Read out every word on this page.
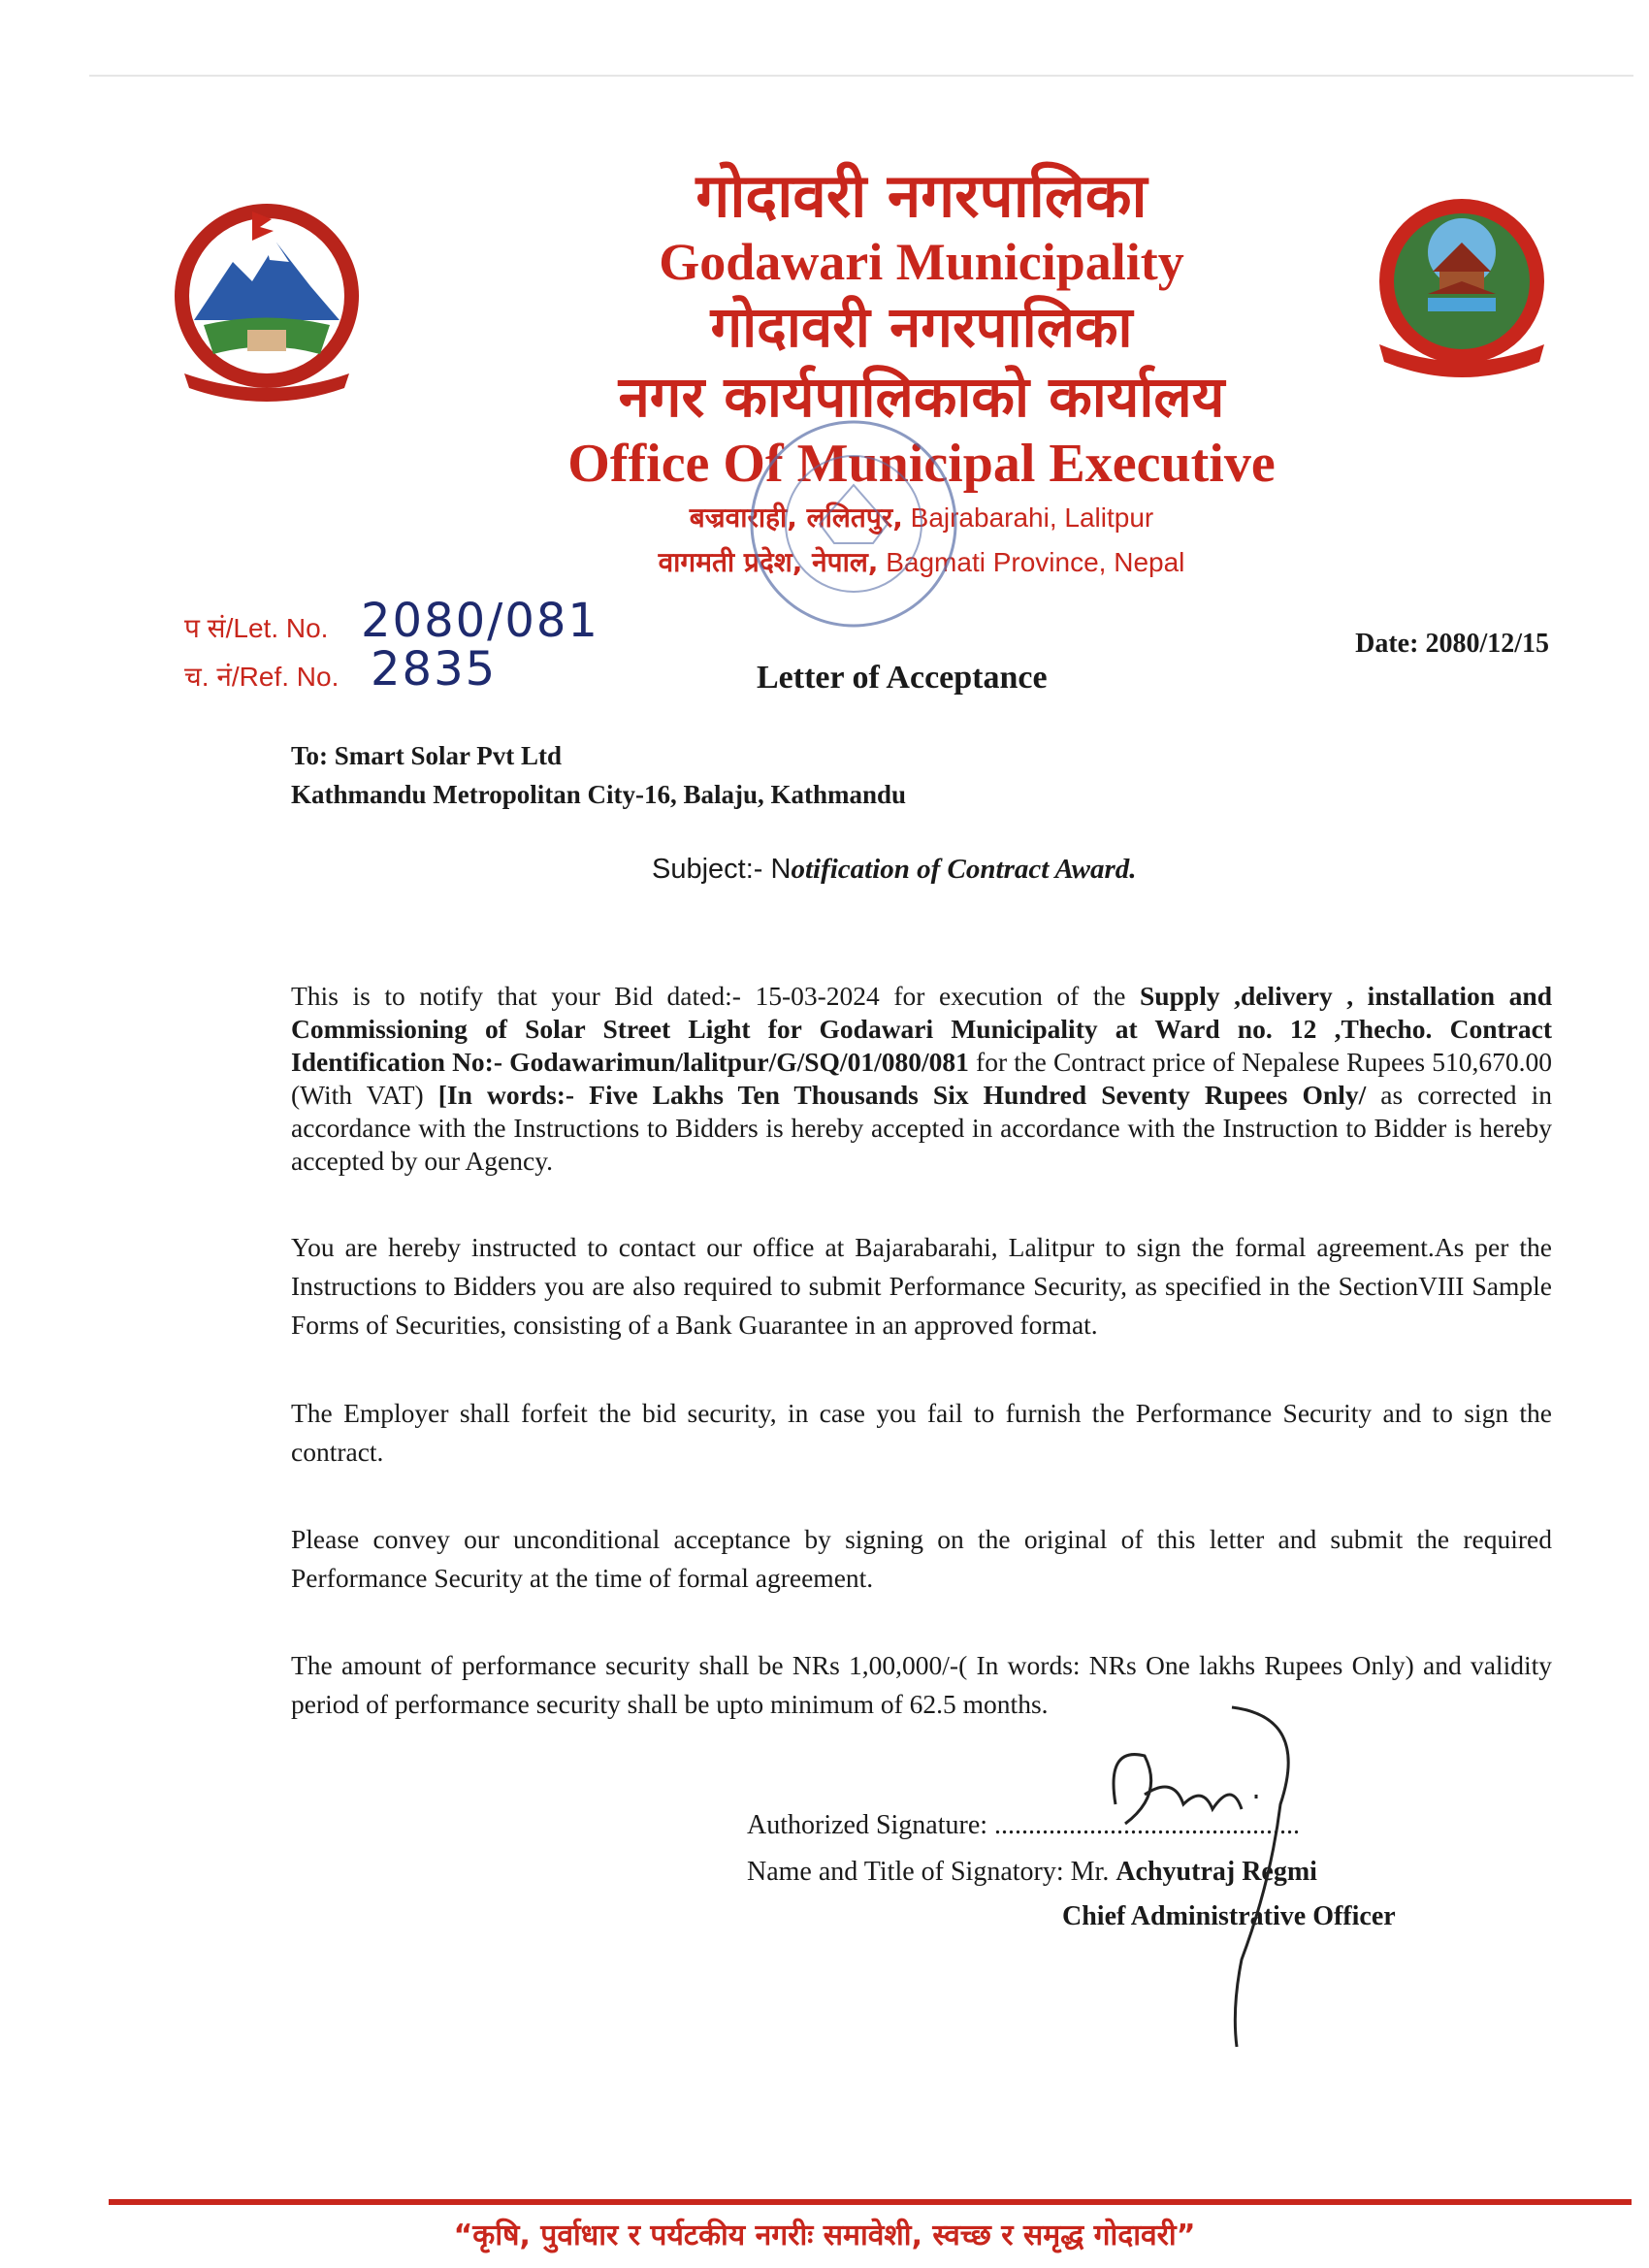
गोदावरी नगरपालिका
Godawari Municipality
गोदावरी नगरपालिका
नगर कार्यपालिकाको कार्यालय
Office Of Municipal Executive
बज्रवाराही, ललितपुर, Bajrabarahi, Lalitpur
वागमती प्रदेश, नेपाल, Bagmati Province, Nepal
प सं/Let. No. 2080/081
च. नं/Ref. No. 2835	Date: 2080/12/15
Letter of Acceptance
To: Smart Solar Pvt Ltd
Kathmandu Metropolitan City-16, Balaju, Kathmandu
Subject:- Notification of Contract Award.
This is to notify that your Bid dated:- 15-03-2024 for execution of the Supply ,delivery , installation and Commissioning of Solar Street Light for Godawari Municipality at Ward no. 12 ,Thecho. Contract Identification No:- Godawarimun/lalitpur/G/SQ/01/080/081 for the Contract price of Nepalese Rupees 510,670.00 (With VAT) [In words:- Five Lakhs Ten Thousands Six Hundred Seventy Rupees Only/ as corrected in accordance with the Instructions to Bidders is hereby accepted in accordance with the Instruction to Bidder is hereby accepted by our Agency.
You are hereby instructed to contact our office at Bajarabarahi, Lalitpur to sign the formal agreement.As per the Instructions to Bidders you are also required to submit Performance Security, as specified in the SectionVIII Sample Forms of Securities, consisting of a Bank Guarantee in an approved format.
The Employer shall forfeit the bid security, in case you fail to furnish the Performance Security and to sign the contract.
Please convey our unconditional acceptance by signing on the original of this letter and submit the required Performance Security at the time of formal agreement.
The amount of performance security shall be NRs 1,00,000/-( In words: NRs One lakhs Rupees Only) and validity period of performance security shall be upto minimum of 62.5 months.
Authorized Signature: .............................................
Name and Title of Signatory: Mr. Achyutraj Regmi
Chief Administrative Officer
“कृषि, पुर्वाधार र पर्यटकीय नगरीः समावेशी, स्वच्छ र समृद्ध गोदावरी”
